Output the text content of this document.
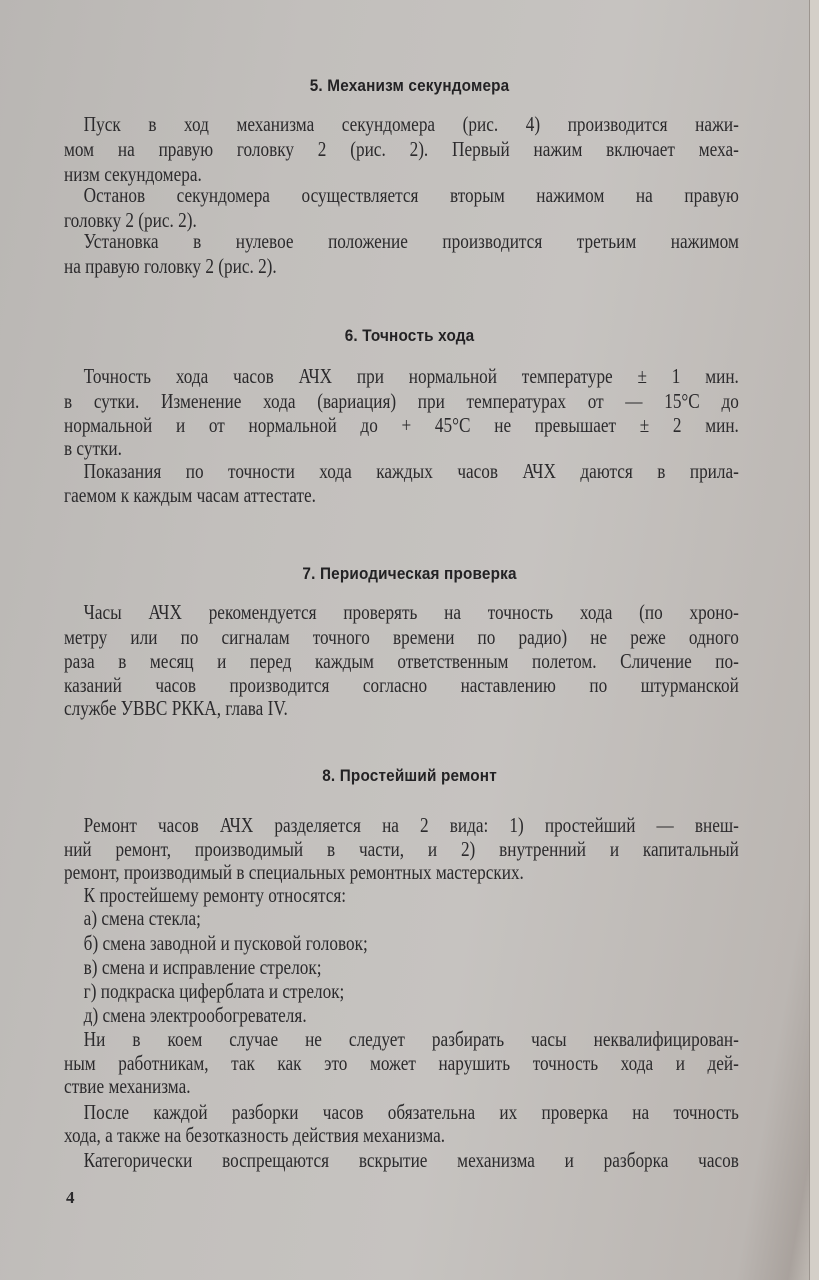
5. Механизм секундомера
Пуск в ход механизма секундомера (рис. 4) производится нажи-
мом на правую головку 2 (рис. 2). Первый нажим включает меха-
низм секундомера.
Останов секундомера осуществляется вторым нажимом на правую
головку 2 (рис. 2).
Установка в нулевое положение производится третьим нажимом
на правую головку 2 (рис. 2).
6. Точность хода
Точность хода часов АЧХ при нормальной температуре ± 1 мин.
в сутки. Изменение хода (вариация) при температурах от — 15°C до
нормальной и от нормальной до + 45°C не превышает ± 2 мин.
в сутки.
Показания по точности хода каждых часов АЧХ даются в прила-
гаемом к каждым часам аттестате.
7. Периодическая проверка
Часы АЧХ рекомендуется проверять на точность хода (по хроно-
метру или по сигналам точного времени по радио) не реже одного
раза в месяц и перед каждым ответственным полетом. Сличение по-
казаний часов производится согласно наставлению по штурманской
службе УВВС РККА, глава IV.
8. Простейший ремонт
Ремонт часов АЧХ разделяется на 2 вида: 1) простейший — внеш-
ний ремонт, производимый в части, и 2) внутренний и капитальный
ремонт, производимый в специальных ремонтных мастерских.
К простейшему ремонту относятся:
а) смена стекла;
б) смена заводной и пусковой головок;
в) смена и исправление стрелок;
г) подкраска циферблата и стрелок;
д) смена электрообогревателя.
Ни в коем случае не следует разбирать часы неквалифицирован-
ным работникам, так как это может нарушить точность хода и дей-
ствие механизма.
После каждой разборки часов обязательна их проверка на точность
хода, а также на безотказность действия механизма.
Категорически воспрещаются вскрытие механизма и разборка часов
4
